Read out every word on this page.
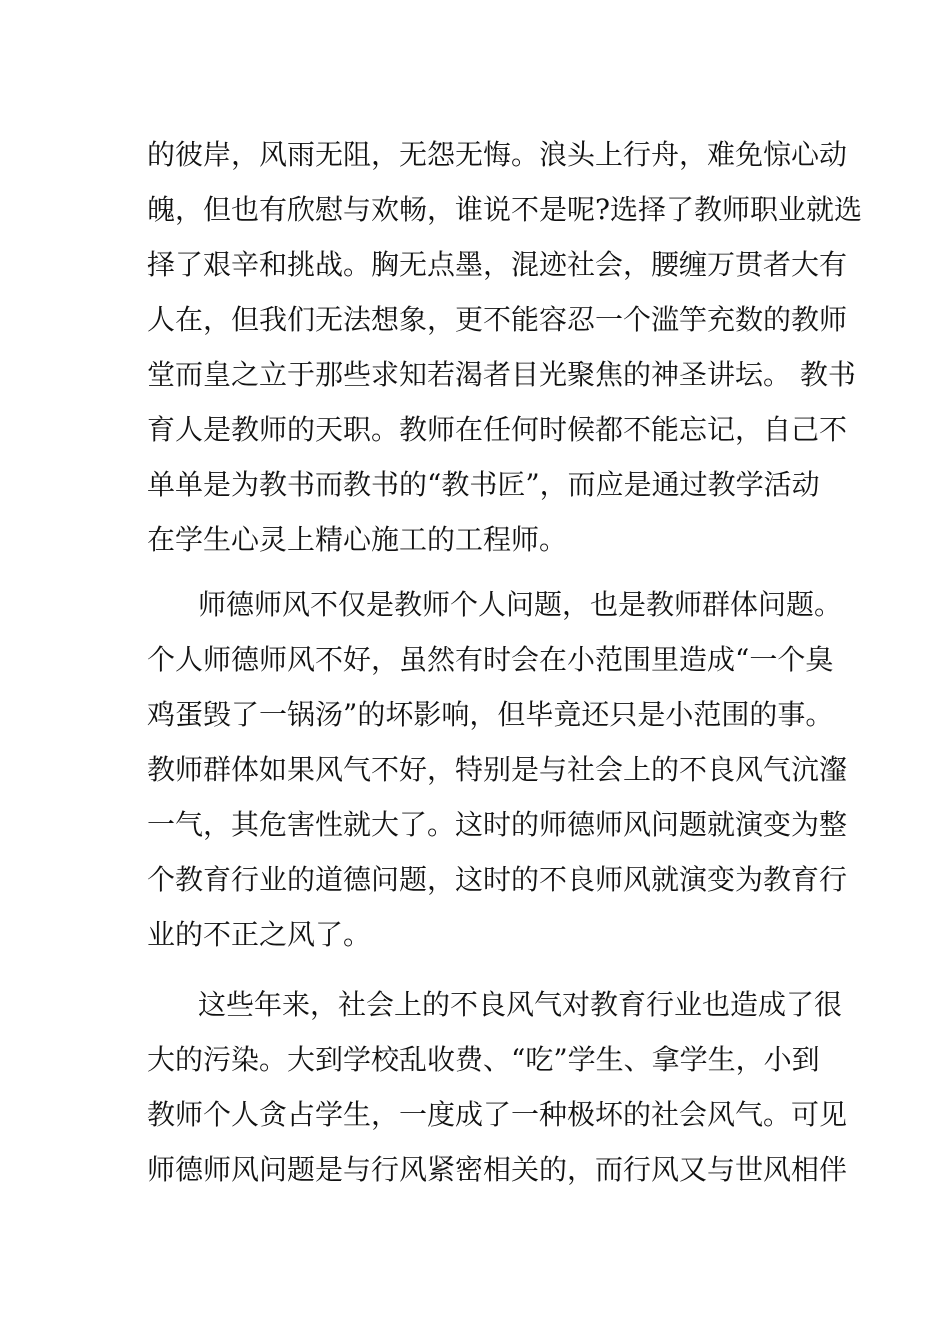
的彼岸，风雨无阻，无怨无悔。浪头上行舟，难免惊心动
魄，但也有欣慰与欢畅，谁说不是呢?选择了教师职业就选
择了艰辛和挑战。胸无点墨，混迹社会，腰缠万贯者大有
人在，但我们无法想象，更不能容忍一个滥竽充数的教师
堂而皇之立于那些求知若渴者目光聚焦的神圣讲坛。 教书
育人是教师的天职。教师在任何时候都不能忘记，自己不
单单是为教书而教书的“教书匠”，而应是通过教学活动
在学生心灵上精心施工的工程师。
师德师风不仅是教师个人问题，也是教师群体问题。
个人师德师风不好，虽然有时会在小范围里造成“一个臭
鸡蛋毁了一锅汤”的坏影响，但毕竟还只是小范围的事。
教师群体如果风气不好，特别是与社会上的不良风气沆瀣
一气，其危害性就大了。这时的师德师风问题就演变为整
个教育行业的道德问题，这时的不良师风就演变为教育行
业的不正之风了。
这些年来，社会上的不良风气对教育行业也造成了很
大的污染。大到学校乱收费、“吃”学生、拿学生，小到
教师个人贪占学生，一度成了一种极坏的社会风气。可见
师德师风问题是与行风紧密相关的，而行风又与世风相伴
